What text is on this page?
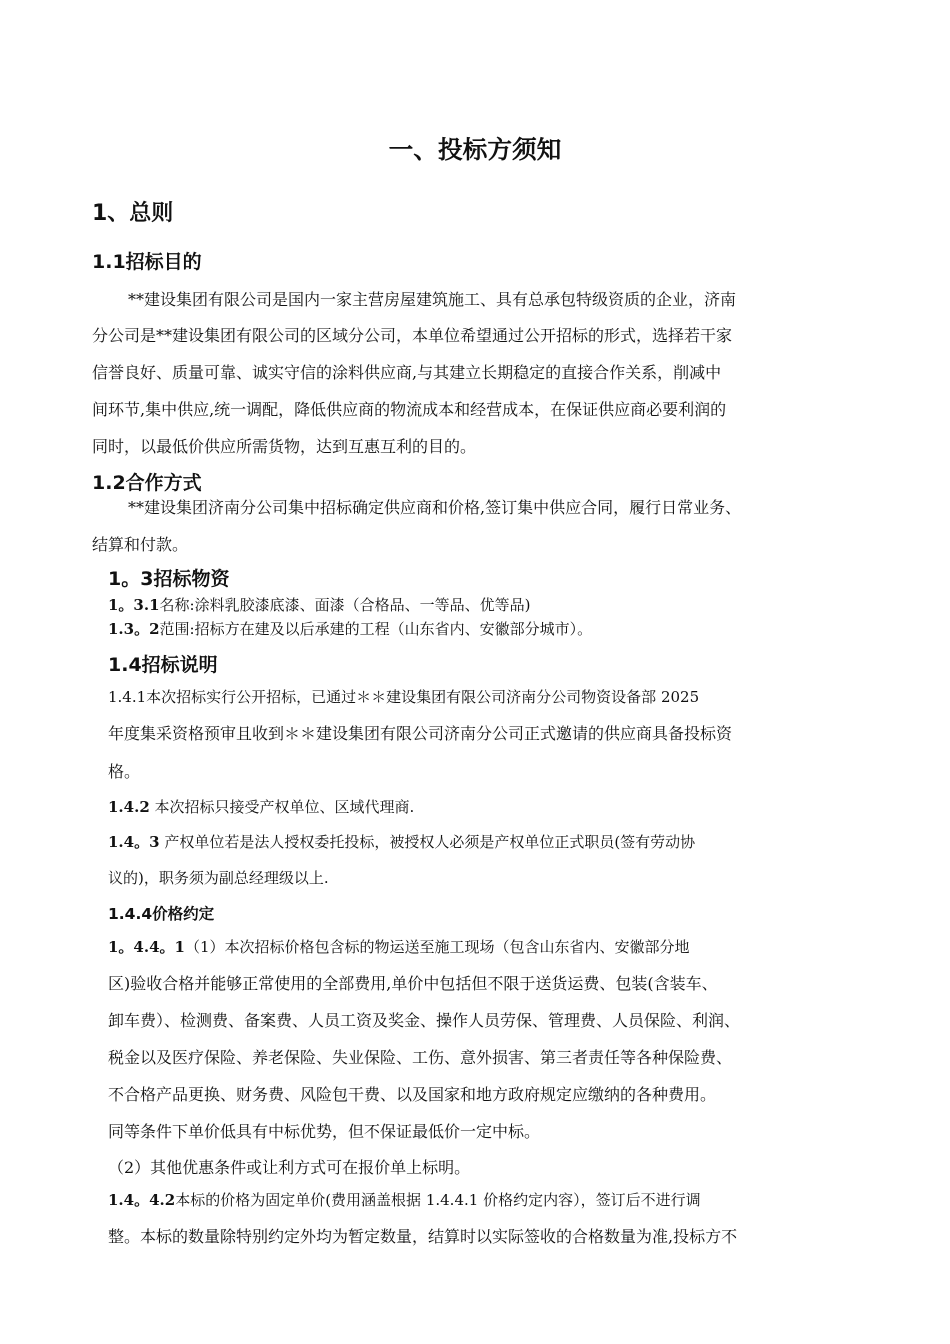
一、投标方须知
1、总则
1.1招标目的

**建设集团有限公司是国内一家主营房屋建筑施工、具有总承包特级资质的企业，济南

分公司是**建设集团有限公司的区域分公司，本单位希望通过公开招标的形式，选择若干家

信誉良好、质量可靠、诚实守信的涂料供应商,与其建立长期稳定的直接合作关系，削减中

间环节,集中供应,统一调配，降低供应商的物流成本和经营成本，在保证供应商必要利润的

同时，以最低价供应所需货物，达到互惠互利的目的。

1.2合作方式

**建设集团济南分公司集中招标确定供应商和价格,签订集中供应合同，履行日常业务、

结算和付款。

1。3招标物资

1。3.1名称:涂料乳胶漆底漆、面漆（合格品、一等品、优等品)

1.3。2范围:招标方在建及以后承建的工程（山东省内、安徽部分城市）。

1.4招标说明

1.4.1本次招标实行公开招标，已通过＊＊建设集团有限公司济南分公司物资设备部 2025

年度集采资格预审且收到＊＊建设集团有限公司济南分公司正式邀请的供应商具备投标资

格。

1.4.2 本次招标只接受产权单位、区域代理商.

1.4。3 产权单位若是法人授权委托投标，被授权人必须是产权单位正式职员(签有劳动协

议的)，职务须为副总经理级以上.

1.4.4价格约定

1。4.4。1（1）本次招标价格包含标的物运送至施工现场（包含山东省内、安徽部分地

区)验收合格并能够正常使用的全部费用,单价中包括但不限于送货运费、包装(含装车、

卸车费）、检测费、备案费、人员工资及奖金、操作人员劳保、管理费、人员保险、利润、

税金以及医疗保险、养老保险、失业保险、工伤、意外损害、第三者责任等各种保险费、

不合格产品更换、财务费、风险包干费、以及国家和地方政府规定应缴纳的各种费用。

同等条件下单价低具有中标优势，但不保证最低价一定中标。

（2）其他优惠条件或让利方式可在报价单上标明。

1.4。4.2本标的价格为固定单价(费用涵盖根据 1.4.4.1 价格约定内容），签订后不进行调

整。本标的数量除特别约定外均为暂定数量，结算时以实际签收的合格数量为准,投标方不
